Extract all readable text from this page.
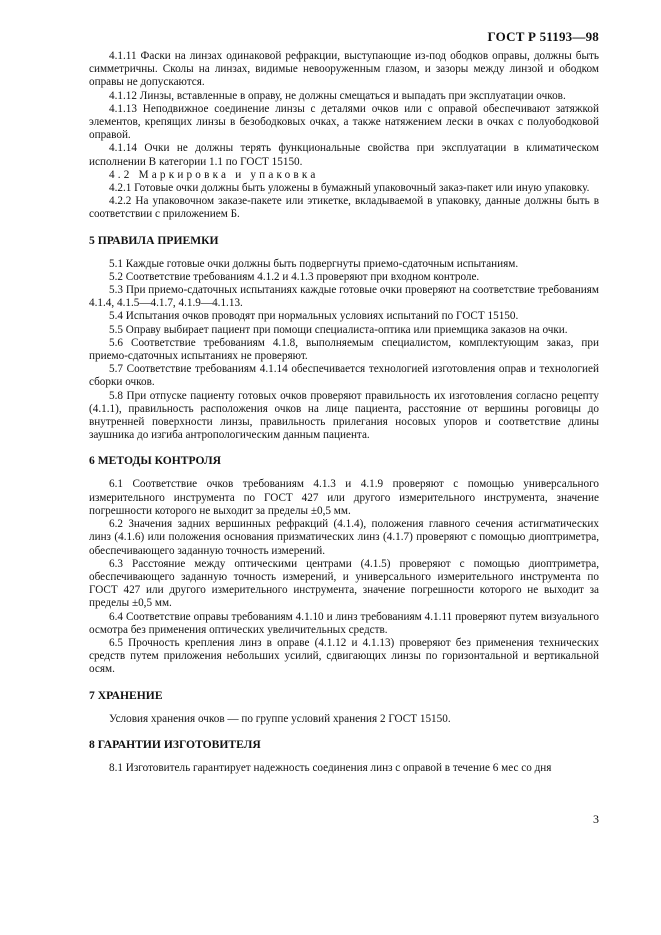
ГОСТ Р 51193—98

4.1.11 Фаски на линзах одинаковой рефракции, выступающие из-под ободков оправы, должны быть симметричны. Сколы на линзах, видимые невооруженным глазом, и зазоры между линзой и ободком оправы не допускаются.

4.1.12 Линзы, вставленные в оправу, не должны смещаться и выпадать при эксплуатации очков.

4.1.13 Неподвижное соединение линзы с деталями очков или с оправой обеспечивают затяжкой элементов, крепящих линзы в безободковых очках, а также натяжением лески в очках с полуободковой оправой.

4.1.14 Очки не должны терять функциональные свойства при эксплуатации в климатическом исполнении В категории 1.1 по ГОСТ 15150.

4.2 Маркировка и упаковка

4.2.1 Готовые очки должны быть уложены в бумажный упаковочный заказ-пакет или иную упаковку.

4.2.2 На упаковочном заказе-пакете или этикетке, вкладываемой в упаковку, данные должны быть в соответствии с приложением Б.

5 ПРАВИЛА ПРИЕМКИ

5.1 Каждые готовые очки должны быть подвергнуты приемо-сдаточным испытаниям.

5.2 Соответствие требованиям 4.1.2 и 4.1.3 проверяют при входном контроле.

5.3 При приемо-сдаточных испытаниях каждые готовые очки проверяют на соответствие требованиям 4.1.4, 4.1.5—4.1.7, 4.1.9—4.1.13.

5.4 Испытания очков проводят при нормальных условиях испытаний по ГОСТ 15150.

5.5 Оправу выбирает пациент при помощи специалиста-оптика или приемщика заказов на очки.

5.6 Соответствие требованиям 4.1.8, выполняемым специалистом, комплектующим заказ, при приемо-сдаточных испытаниях не проверяют.

5.7 Соответствие требованиям 4.1.14 обеспечивается технологией изготовления оправ и технологией сборки очков.

5.8 При отпуске пациенту готовых очков проверяют правильность их изготовления согласно рецепту (4.1.1), правильность расположения очков на лице пациента, расстояние от вершины роговицы до внутренней поверхности линзы, правильность прилегания носовых упоров и соответствие длины заушника до изгиба антропологическим данным пациента.

6 МЕТОДЫ КОНТРОЛЯ

6.1 Соответствие очков требованиям 4.1.3 и 4.1.9 проверяют с помощью универсального измерительного инструмента по ГОСТ 427 или другого измерительного инструмента, значение погрешности которого не выходит за пределы ±0,5 мм.

6.2 Значения задних вершинных рефракций (4.1.4), положения главного сечения астигматических линз (4.1.6) или положения основания призматических линз (4.1.7) проверяют с помощью диоптриметра, обеспечивающего заданную точность измерений.

6.3 Расстояние между оптическими центрами (4.1.5) проверяют с помощью диоптриметра, обеспечивающего заданную точность измерений, и универсального измерительного инструмента по ГОСТ 427 или другого измерительного инструмента, значение погрешности которого не выходит за пределы ±0,5 мм.

6.4 Соответствие оправы требованиям 4.1.10 и линз требованиям 4.1.11 проверяют путем визуального осмотра без применения оптических увеличительных средств.

6.5 Прочность крепления линз в оправе (4.1.12 и 4.1.13) проверяют без применения технических средств путем приложения небольших усилий, сдвигающих линзы по горизонтальной и вертикальной осям.

7 ХРАНЕНИЕ

Условия хранения очков — по группе условий хранения 2 ГОСТ 15150.

8 ГАРАНТИИ ИЗГОТОВИТЕЛЯ

8.1 Изготовитель гарантирует надежность соединения линз с оправой в течение 6 мес со дня

3
